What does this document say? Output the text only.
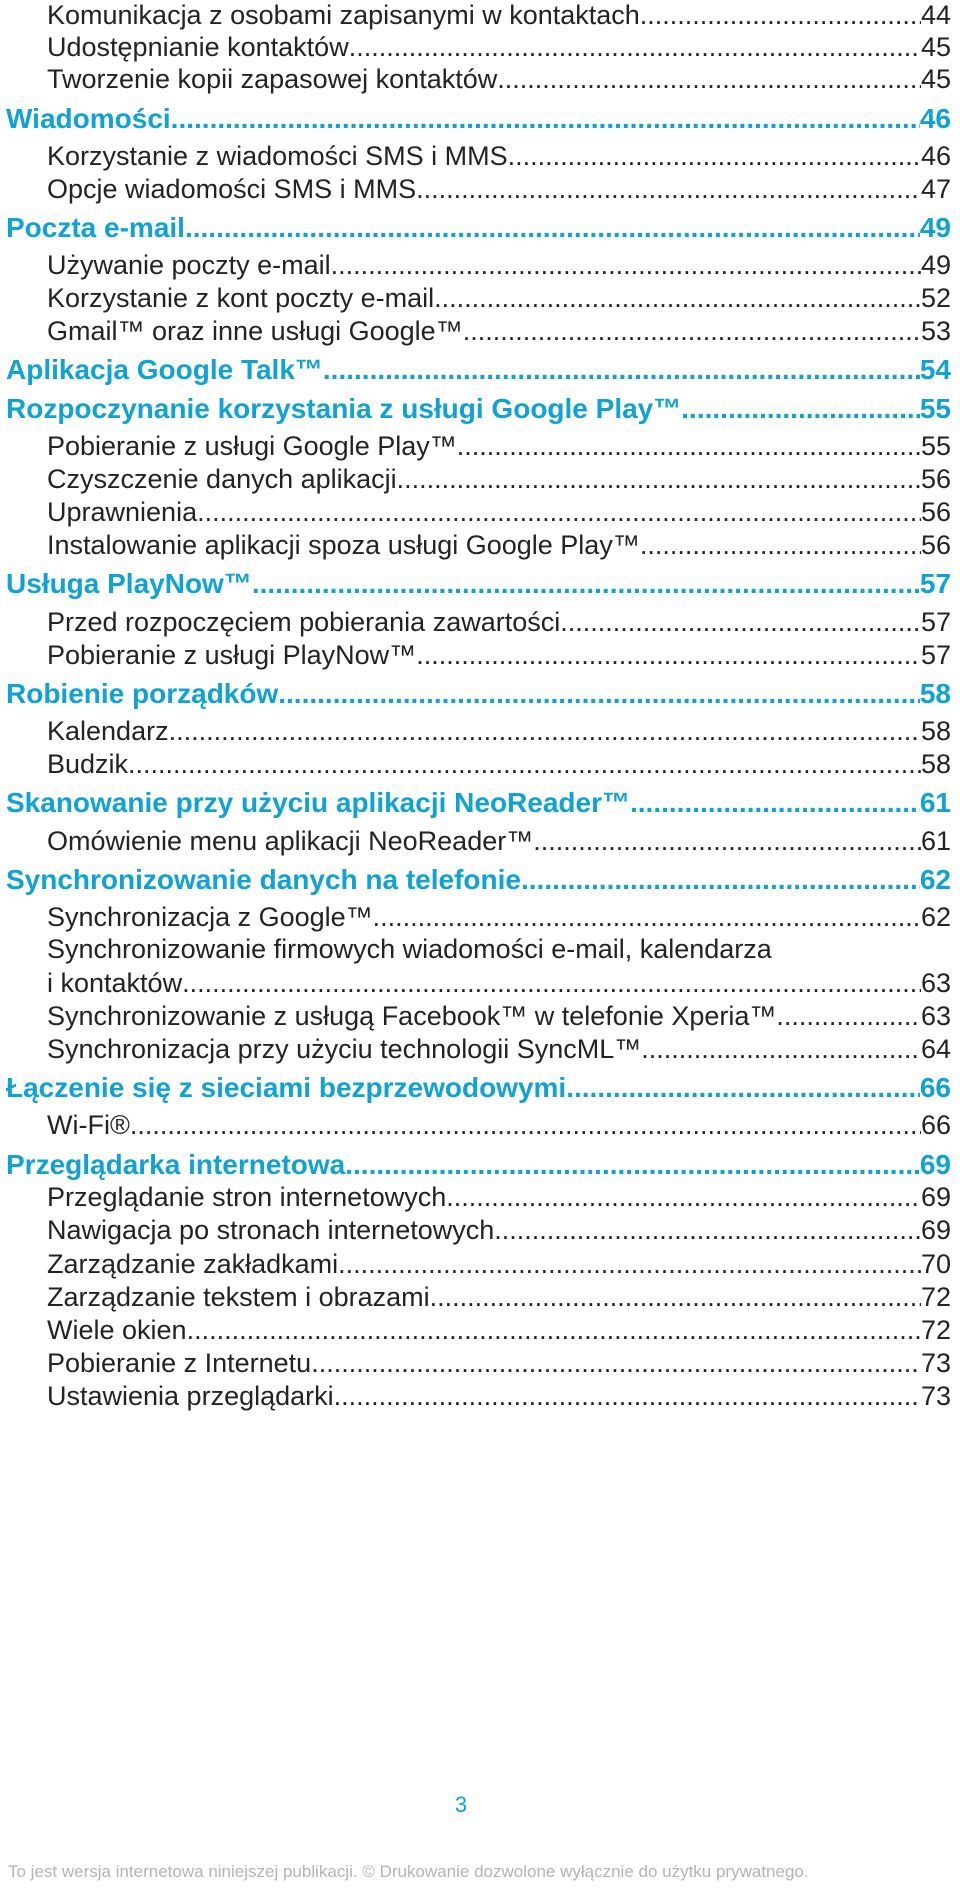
Komunikacja z osobami zapisanymi w kontaktach .....	44
Udostępnianie kontaktów .....	45
Tworzenie kopii zapasowej kontaktów .....	45
Wiadomości .....	46
Korzystanie z wiadomości SMS i MMS .....	46
Opcje wiadomości SMS i MMS .....	47
Poczta e-mail .....	49
Używanie poczty e-mail .....	49
Korzystanie z kont poczty e-mail .....	52
Gmail™ oraz inne usługi Google™ .....	53
Aplikacja Google Talk™ .....	54
Rozpoczynanie korzystania z usługi Google Play™ .....	55
Pobieranie z usługi Google Play™ .....	55
Czyszczenie danych aplikacji .....	56
Uprawnienia .....	56
Instalowanie aplikacji spoza usługi Google Play™ .....	56
Usługa PlayNow™ .....	57
Przed rozpoczęciem pobierania zawartości .....	57
Pobieranie z usługi PlayNow™ .....	57
Robienie porządków .....	58
Kalendarz .....	58
Budzik .....	58
Skanowanie przy użyciu aplikacji NeoReader™ .....	61
Omówienie menu aplikacji NeoReader™ .....	61
Synchronizowanie danych na telefonie .....	62
Synchronizacja z Google™ .....	62
Synchronizowanie firmowych wiadomości e-mail, kalendarza
i kontaktów .....	63
Synchronizowanie z usługą Facebook™ w telefonie Xperia™ .....	63
Synchronizacja przy użyciu technologii SyncML™ .....	64
Łączenie się z sieciami bezprzewodowymi .....	66
Wi-Fi® .....	66
Przeglądarka internetowa .....	69
Przeglądanie stron internetowych .....	69
Nawigacja po stronach internetowych .....	69
Zarządzanie zakładkami .....	70
Zarządzanie tekstem i obrazami .....	72
Wiele okien .....	72
Pobieranie z Internetu .....	73
Ustawienia przeglądarki .....	73
3
To jest wersja internetowa niniejszej publikacji. © Drukowanie dozwolone wyłącznie do użytku prywatnego.
